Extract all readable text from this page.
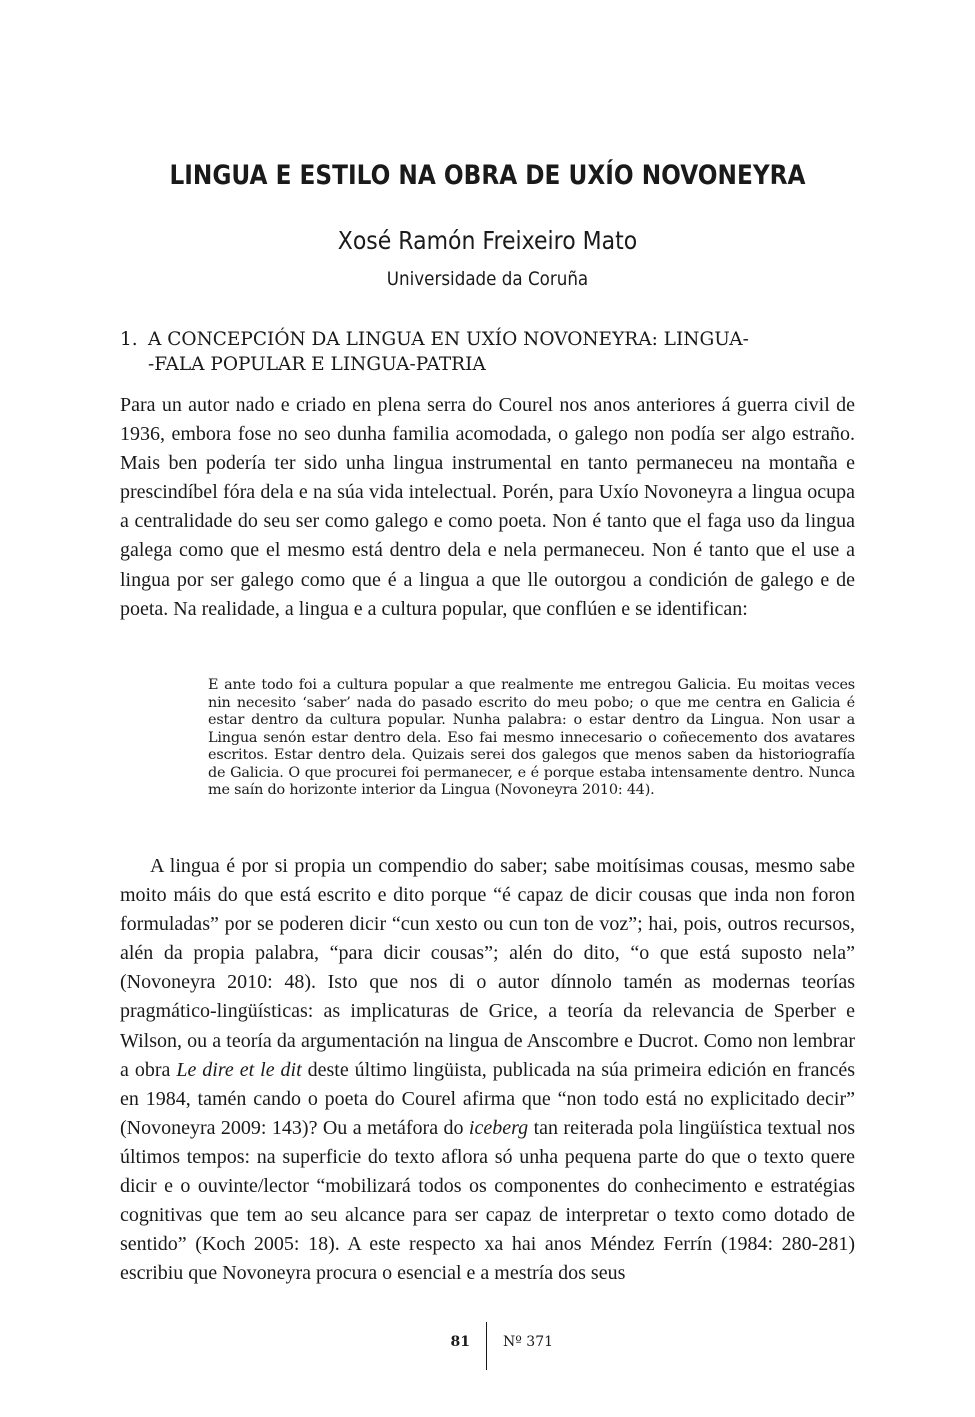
LINGUA E ESTILO NA OBRA DE UXÍO NOVONEYRA
Xosé Ramón Freixeiro Mato
Universidade da Coruña
1. A CONCEPCIÓN DA LINGUA EN UXÍO NOVONEYRA: LINGUA-
-FALA POPULAR E LINGUA-PATRIA

Para un autor nado e criado en plena serra do Courel nos anos anteriores á guerra civil de 1936, embora fose no seo dunha familia acomodada, o galego non podía ser algo estraño. Mais ben podería ter sido unha lingua instrumental en tanto permaneceu na montaña e prescindíbel fóra dela e na súa vida intelectual. Porén, para Uxío Novoneyra a lingua ocupa a centralidade do seu ser como galego e como poeta. Non é tanto que el faga uso da lingua galega como que el mesmo está dentro dela e nela permaneceu. Non é tanto que el use a lingua por ser galego como que é a lingua a que lle outorgou a condición de galego e de poeta. Na realidade, a lingua e a cultura popular, que conflúen e se identifican:

E ante todo foi a cultura popular a que realmente me entregou Galicia. Eu moitas veces nin necesito ‘saber’ nada do pasado escrito do meu pobo; o que me centra en Galicia é estar dentro da cultura popular. Nunha palabra: o estar dentro da Lingua. Non usar a Lingua senón estar dentro dela. Eso fai mesmo innecesario o coñecemento dos avatares escritos. Estar dentro dela. Quizais serei dos galegos que menos saben da historiografía de Galicia. O que procurei foi permanecer, e é porque estaba intensamente dentro. Nunca me saín do horizonte interior da Lingua (Novoneyra 2010: 44).

A lingua é por si propia un compendio do saber; sabe moitísimas cousas, mesmo sabe moito máis do que está escrito e dito porque “é capaz de dicir cousas que inda non foron formuladas” por se poderen dicir “cun xesto ou cun ton de voz”; hai, pois, outros recursos, alén da propia palabra, “para dicir cousas”; alén do dito, “o que está suposto nela” (Novoneyra 2010: 48). Isto que nos di o autor dínnolo tamén as modernas teorías pragmático-lingüísticas: as implicaturas de Grice, a teoría da relevancia de Sperber e Wilson, ou a teoría da argumentación na lingua de Anscombre e Ducrot. Como non lembrar a obra Le dire et le dit deste último lingüista, publicada na súa primeira edición en francés en 1984, tamén cando o poeta do Courel afirma que “non todo está no explicitado decir” (Novoneyra 2009: 143)? Ou a metáfora do iceberg tan reiterada pola lingüística textual nos últimos tempos: na superficie do texto aflora só unha pequena parte do que o texto quere dicir e o ouvinte/lector “mobilizará todos os componentes do conhecimento e estratégias cognitivas que tem ao seu alcance para ser capaz de interpretar o texto como dotado de sentido” (Koch 2005: 18). A este respecto xa hai anos Méndez Ferrín (1984: 280-281) escribiu que Novoneyra procura o esencial e a mestría dos seus

81 Nº 371
